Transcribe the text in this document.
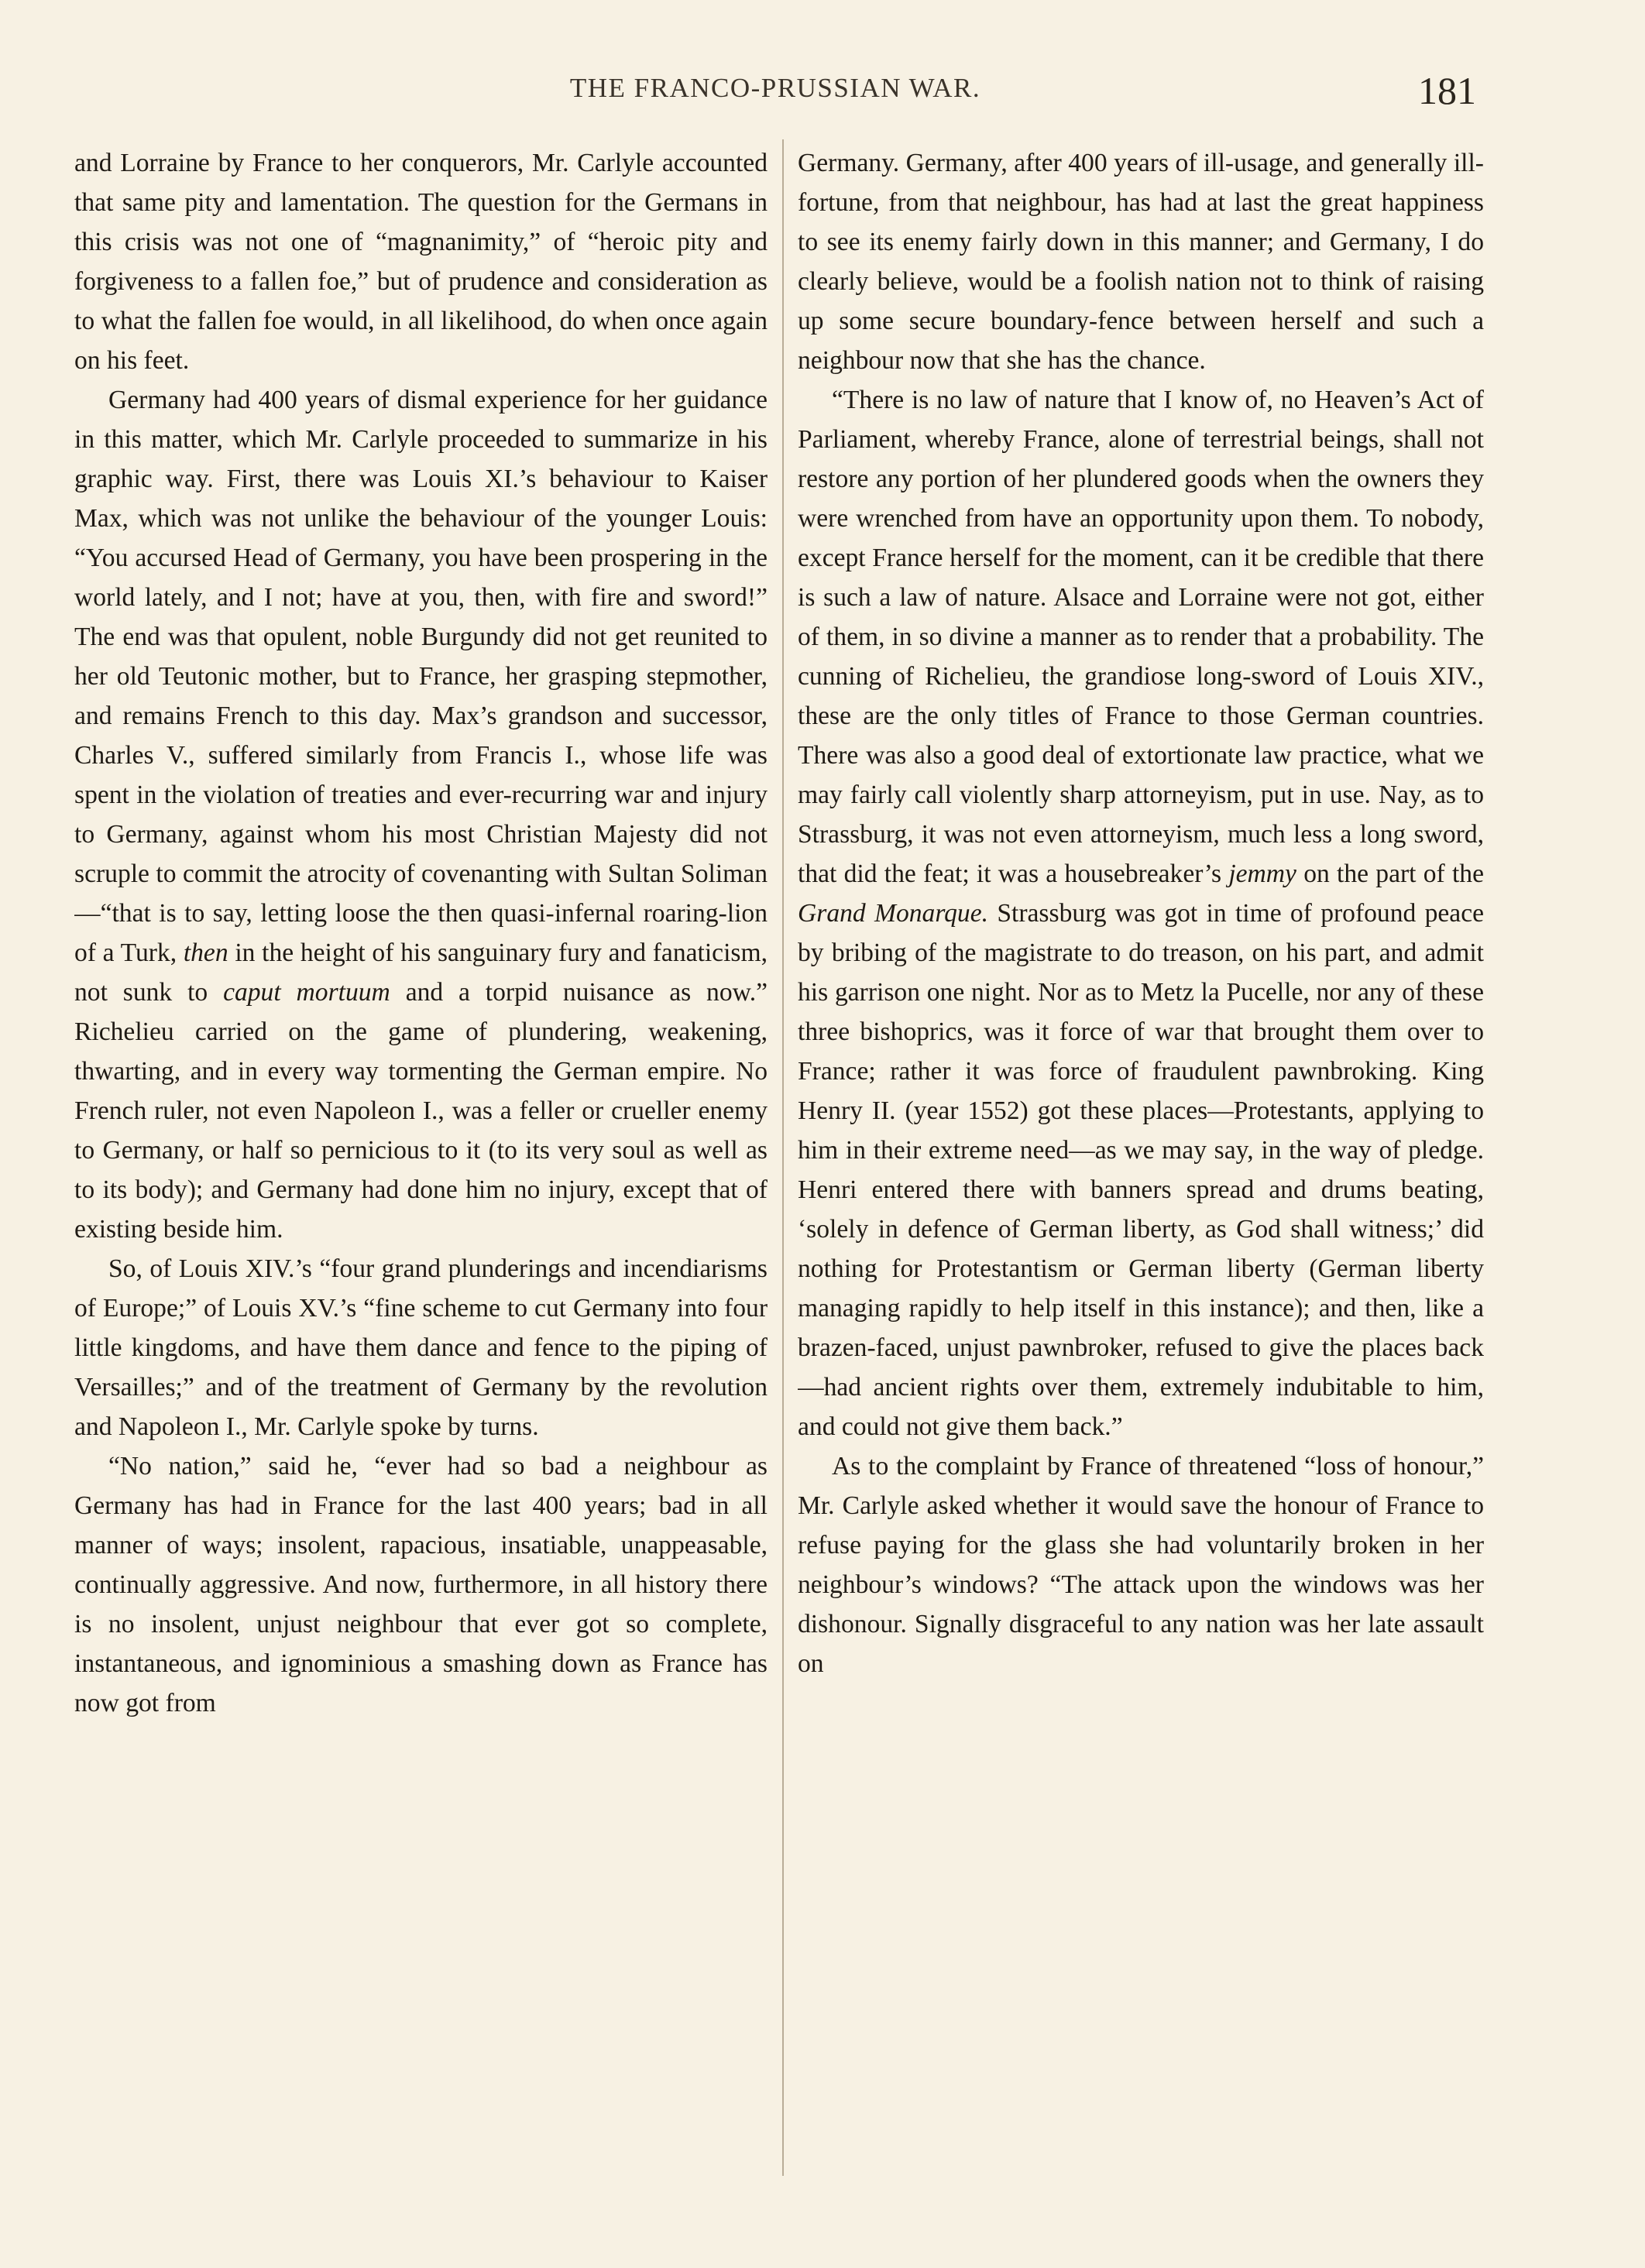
THE FRANCO-PRUSSIAN WAR.	181

and Lorraine by France to her conquerors, Mr. Carlyle accounted that same pity and lamentation. The question for the Germans in this crisis was not one of “magnanimity,” of “heroic pity and forgiveness to a fallen foe,” but of prudence and consideration as to what the fallen foe would, in all likelihood, do when once again on his feet.

Germany had 400 years of dismal experience for her guidance in this matter, which Mr. Carlyle proceeded to summarize in his graphic way. First, there was Louis XI.’s behaviour to Kaiser Max, which was not unlike the behaviour of the younger Louis: “You accursed Head of Germany, you have been prospering in the world lately, and I not; have at you, then, with fire and sword!” The end was that opulent, noble Burgundy did not get reunited to her old Teutonic mother, but to France, her grasping stepmother, and remains French to this day. Max’s grandson and successor, Charles V., suffered similarly from Francis I., whose life was spent in the violation of treaties and ever-recurring war and injury to Germany, against whom his most Christian Majesty did not scruple to commit the atrocity of covenanting with Sultan Soliman—“that is to say, letting loose the then quasi-infernal roaring-lion of a Turk, then in the height of his sanguinary fury and fanaticism, not sunk to caput mortuum and a torpid nuisance as now.” Richelieu carried on the game of plundering, weakening, thwarting, and in every way tormenting the German empire. No French ruler, not even Napoleon I., was a feller or crueller enemy to Germany, or half so pernicious to it (to its very soul as well as to its body); and Germany had done him no injury, except that of existing beside him.

So, of Louis XIV.’s “four grand plunderings and incendiarisms of Europe;” of Louis XV.’s “fine scheme to cut Germany into four little kingdoms, and have them dance and fence to the piping of Versailles;” and of the treatment of Germany by the revolution and Napoleon I., Mr. Carlyle spoke by turns.

“No nation,” said he, “ever had so bad a neighbour as Germany has had in France for the last 400 years; bad in all manner of ways; insolent, rapacious, insatiable, unappeasable, continually aggressive. And now, furthermore, in all history there is no insolent, unjust neighbour that ever got so complete, instantaneous, and ignominious a smashing down as France has now got from

Germany. Germany, after 400 years of ill-usage, and generally ill-fortune, from that neighbour, has had at last the great happiness to see its enemy fairly down in this manner; and Germany, I do clearly believe, would be a foolish nation not to think of raising up some secure boundary-fence between herself and such a neighbour now that she has the chance.

“There is no law of nature that I know of, no Heaven’s Act of Parliament, whereby France, alone of terrestrial beings, shall not restore any portion of her plundered goods when the owners they were wrenched from have an opportunity upon them. To nobody, except France herself for the moment, can it be credible that there is such a law of nature. Alsace and Lorraine were not got, either of them, in so divine a manner as to render that a probability. The cunning of Richelieu, the grandiose long-sword of Louis XIV., these are the only titles of France to those German countries. There was also a good deal of extortionate law practice, what we may fairly call violently sharp attorneyism, put in use. Nay, as to Strassburg, it was not even attorneyism, much less a long sword, that did the feat; it was a housebreaker’s jemmy on the part of the Grand Monarque. Strassburg was got in time of profound peace by bribing of the magistrate to do treason, on his part, and admit his garrison one night. Nor as to Metz la Pucelle, nor any of these three bishoprics, was it force of war that brought them over to France; rather it was force of fraudulent pawnbroking. King Henry II. (year 1552) got these places—Protestants, applying to him in their extreme need—as we may say, in the way of pledge. Henri entered there with banners spread and drums beating, ‘solely in defence of German liberty, as God shall witness;’ did nothing for Protestantism or German liberty (German liberty managing rapidly to help itself in this instance); and then, like a brazen-faced, unjust pawnbroker, refused to give the places back—had ancient rights over them, extremely indubitable to him, and could not give them back.”

As to the complaint by France of threatened “loss of honour,” Mr. Carlyle asked whether it would save the honour of France to refuse paying for the glass she had voluntarily broken in her neighbour’s windows? “The attack upon the windows was her dishonour. Signally disgraceful to any nation was her late assault on
